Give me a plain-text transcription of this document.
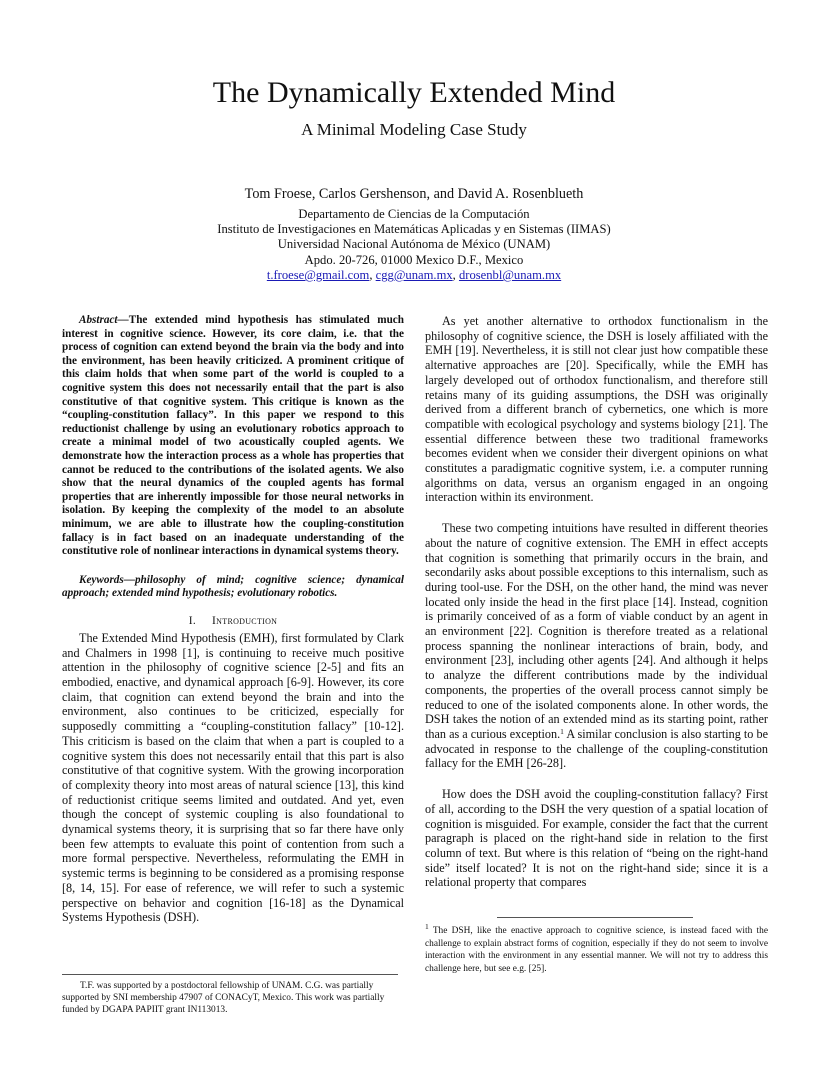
The Dynamically Extended Mind
A Minimal Modeling Case Study
Tom Froese, Carlos Gershenson, and David A. Rosenblueth
Departamento de Ciencias de la Computación
Instituto de Investigaciones en Matemáticas Aplicadas y en Sistemas (IIMAS)
Universidad Nacional Autónoma de México (UNAM)
Apdo. 20-726, 01000 Mexico D.F., Mexico
t.froese@gmail.com, cgg@unam.mx, drosenbl@unam.mx

Abstract—The extended mind hypothesis has stimulated much interest in cognitive science. However, its core claim, i.e. that the process of cognition can extend beyond the brain via the body and into the environment, has been heavily criticized. A prominent critique of this claim holds that when some part of the world is coupled to a cognitive system this does not necessarily entail that the part is also constitutive of that cognitive system. This critique is known as the “coupling-constitution fallacy”. In this paper we respond to this reductionist challenge by using an evolutionary robotics approach to create a minimal model of two acoustically coupled agents. We demonstrate how the interaction process as a whole has properties that cannot be reduced to the contributions of the isolated agents. We also show that the neural dynamics of the coupled agents has formal properties that are inherently impossible for those neural networks in isolation. By keeping the complexity of the model to an absolute minimum, we are able to illustrate how the coupling-constitution fallacy is in fact based on an inadequate understanding of the constitutive role of nonlinear interactions in dynamical systems theory.

Keywords—philosophy of mind; cognitive science; dynamical approach; extended mind hypothesis; evolutionary robotics.

I. Introduction

The Extended Mind Hypothesis (EMH), first formulated by Clark and Chalmers in 1998 [1], is continuing to receive much positive attention in the philosophy of cognitive science [2-5] and fits an embodied, enactive, and dynamical approach [6-9]. However, its core claim, that cognition can extend beyond the brain and into the environment, also continues to be criticized, especially for supposedly committing a “coupling-constitution fallacy” [10-12]. This criticism is based on the claim that when a part is coupled to a cognitive system this does not necessarily entail that this part is also constitutive of that cognitive system. With the growing incorporation of complexity theory into most areas of natural science [13], this kind of reductionist critique seems limited and outdated. And yet, even though the concept of systemic coupling is also foundational to dynamical systems theory, it is surprising that so far there have only been few attempts to evaluate this point of contention from such a more formal perspective. Nevertheless, reformulating the EMH in systemic terms is beginning to be considered as a promising response [8, 14, 15]. For ease of reference, we will refer to such a systemic perspective on behavior and cognition [16-18] as the Dynamical Systems Hypothesis (DSH).

As yet another alternative to orthodox functionalism in the philosophy of cognitive science, the DSH is losely affiliated with the EMH [19]. Nevertheless, it is still not clear just how compatible these alternative approaches are [20]. Specifically, while the EMH has largely developed out of orthodox functionalism, and therefore still retains many of its guiding assumptions, the DSH was originally derived from a different branch of cybernetics, one which is more compatible with ecological psychology and systems biology [21]. The essential difference between these two traditional frameworks becomes evident when we consider their divergent opinions on what constitutes a paradigmatic cognitive system, i.e. a computer running algorithms on data, versus an organism engaged in an ongoing interaction within its environment.

These two competing intuitions have resulted in different theories about the nature of cognitive extension. The EMH in effect accepts that cognition is something that primarily occurs in the brain, and secondarily asks about possible exceptions to this internalism, such as during tool-use. For the DSH, on the other hand, the mind was never located only inside the head in the first place [14]. Instead, cognition is primarily conceived of as a form of viable conduct by an agent in an environment [22]. Cognition is therefore treated as a relational process spanning the nonlinear interactions of brain, body, and environment [23], including other agents [24]. And although it helps to analyze the different contributions made by the individual components, the properties of the overall process cannot simply be reduced to one of the isolated components alone. In other words, the DSH takes the notion of an extended mind as its starting point, rather than as a curious exception.$^1$ A similar conclusion is also starting to be advocated in response to the challenge of the coupling-constitution fallacy for the EMH [26-28].

How does the DSH avoid the coupling-constitution fallacy? First of all, according to the DSH the very question of a spatial location of cognition is misguided. For example, consider the fact that the current paragraph is placed on the right-hand side in relation to the first column of text. But where is this relation of “being on the right-hand side” itself located? It is not on the right-hand side; since it is a relational property that compares

$^1$ The DSH, like the enactive approach to cognitive science, is instead faced with the challenge to explain abstract forms of cognition, especially if they do not seem to involve interaction with the environment in any essential manner. We will not try to address this challenge here, but see e.g. [25].

T.F. was supported by a postdoctoral fellowship of UNAM. C.G. was partially supported by SNI membership 47907 of CONACyT, Mexico. This work was partially funded by DGAPA PAPIIT grant IN113013.
